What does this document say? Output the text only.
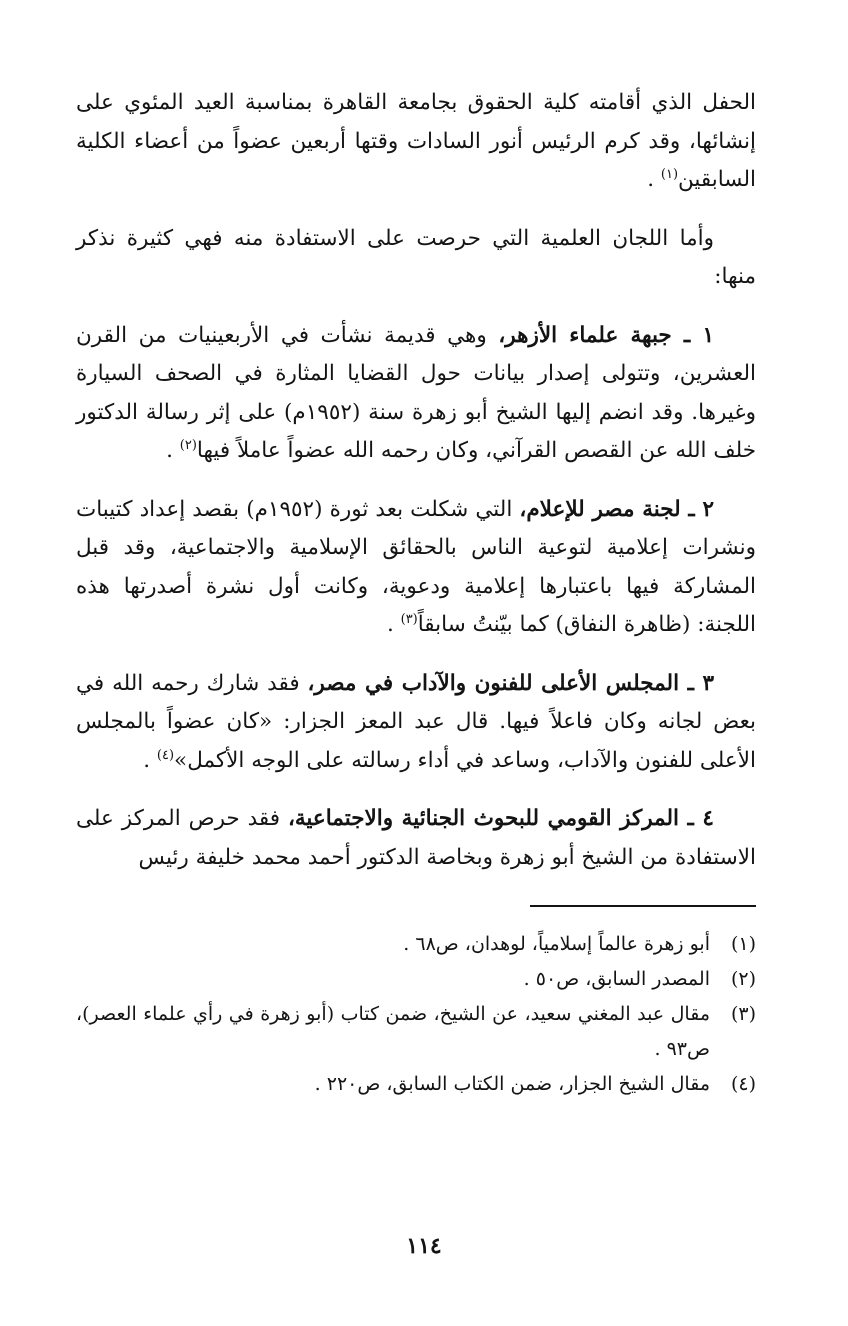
الحفل الذي أقامته كلية الحقوق بجامعة القاهرة بمناسبة العيد المئوي على إنشائها، وقد كرم الرئيس أنور السادات وقتها أربعين عضواً من أعضاء الكلية السابقين$^{(١)}$ .

وأما اللجان العلمية التي حرصت على الاستفادة منه فهي كثيرة نذكر منها:

١ ـ جبهة علماء الأزهر، وهي قديمة نشأت في الأربعينيات من القرن العشرين، وتتولى إصدار بيانات حول القضايا المثارة في الصحف السيارة وغيرها. وقد انضم إليها الشيخ أبو زهرة سنة (١٩٥٢م) على إثر رسالة الدكتور خلف الله عن القصص القرآني، وكان رحمه الله عضواً عاملاً فيها$^{(٢)}$ .

٢ ـ لجنة مصر للإعلام، التي شكلت بعد ثورة (١٩٥٢م) بقصد إعداد كتيبات ونشرات إعلامية لتوعية الناس بالحقائق الإسلامية والاجتماعية، وقد قبل المشاركة فيها باعتبارها إعلامية ودعوية، وكانت أول نشرة أصدرتها هذه اللجنة: (ظاهرة النفاق) كما بيّنتُ سابقاً$^{(٣)}$ .

٣ ـ المجلس الأعلى للفنون والآداب في مصر، فقد شارك رحمه الله في بعض لجانه وكان فاعلاً فيها. قال عبد المعز الجزار: «كان عضواً بالمجلس الأعلى للفنون والآداب، وساعد في أداء رسالته على الوجه الأكمل»$^{(٤)}$ .

٤ ـ المركز القومي للبحوث الجنائية والاجتماعية، فقد حرص المركز على الاستفادة من الشيخ أبو زهرة وبخاصة الدكتور أحمد محمد خليفة رئيس

(١)
أبو زهرة عالماً إسلامياً، لوهدان، ص٦٨ .
(٢)
المصدر السابق، ص٥٠ .
(٣)
مقال عبد المغني سعيد، عن الشيخ، ضمن كتاب (أبو زهرة في رأي علماء العصر)، ص٩٣ .
(٤)
مقال الشيخ الجزار، ضمن الكتاب السابق، ص٢٢٠ .
١١٤
